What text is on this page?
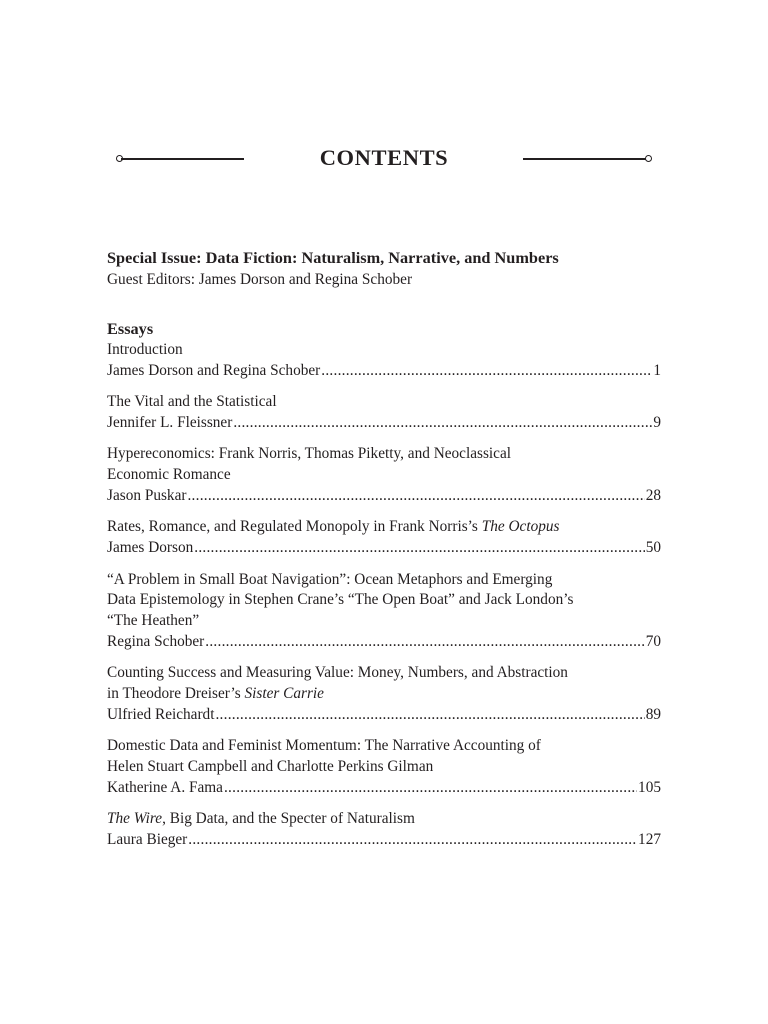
CONTENTS
Special Issue: Data Fiction: Naturalism, Narrative, and Numbers
Guest Editors: James Dorson and Regina Schober
Essays
Introduction
James Dorson and Regina Schober .....	1
The Vital and the Statistical
Jennifer L. Fleissner .....	9
Hypereconomics: Frank Norris, Thomas Piketty, and Neoclassical
Economic Romance
Jason Puskar .....	28
Rates, Romance, and Regulated Monopoly in Frank Norris’s The Octopus
James Dorson .....	50
“A Problem in Small Boat Navigation”: Ocean Metaphors and Emerging
Data Epistemology in Stephen Crane’s “The Open Boat” and Jack London’s
“The Heathen”
Regina Schober .....	70
Counting Success and Measuring Value: Money, Numbers, and Abstraction
in Theodore Dreiser’s Sister Carrie
Ulfried Reichardt .....	89
Domestic Data and Feminist Momentum: The Narrative Accounting of
Helen Stuart Campbell and Charlotte Perkins Gilman
Katherine A. Fama .....	105
The Wire, Big Data, and the Specter of Naturalism
Laura Bieger .....	127
